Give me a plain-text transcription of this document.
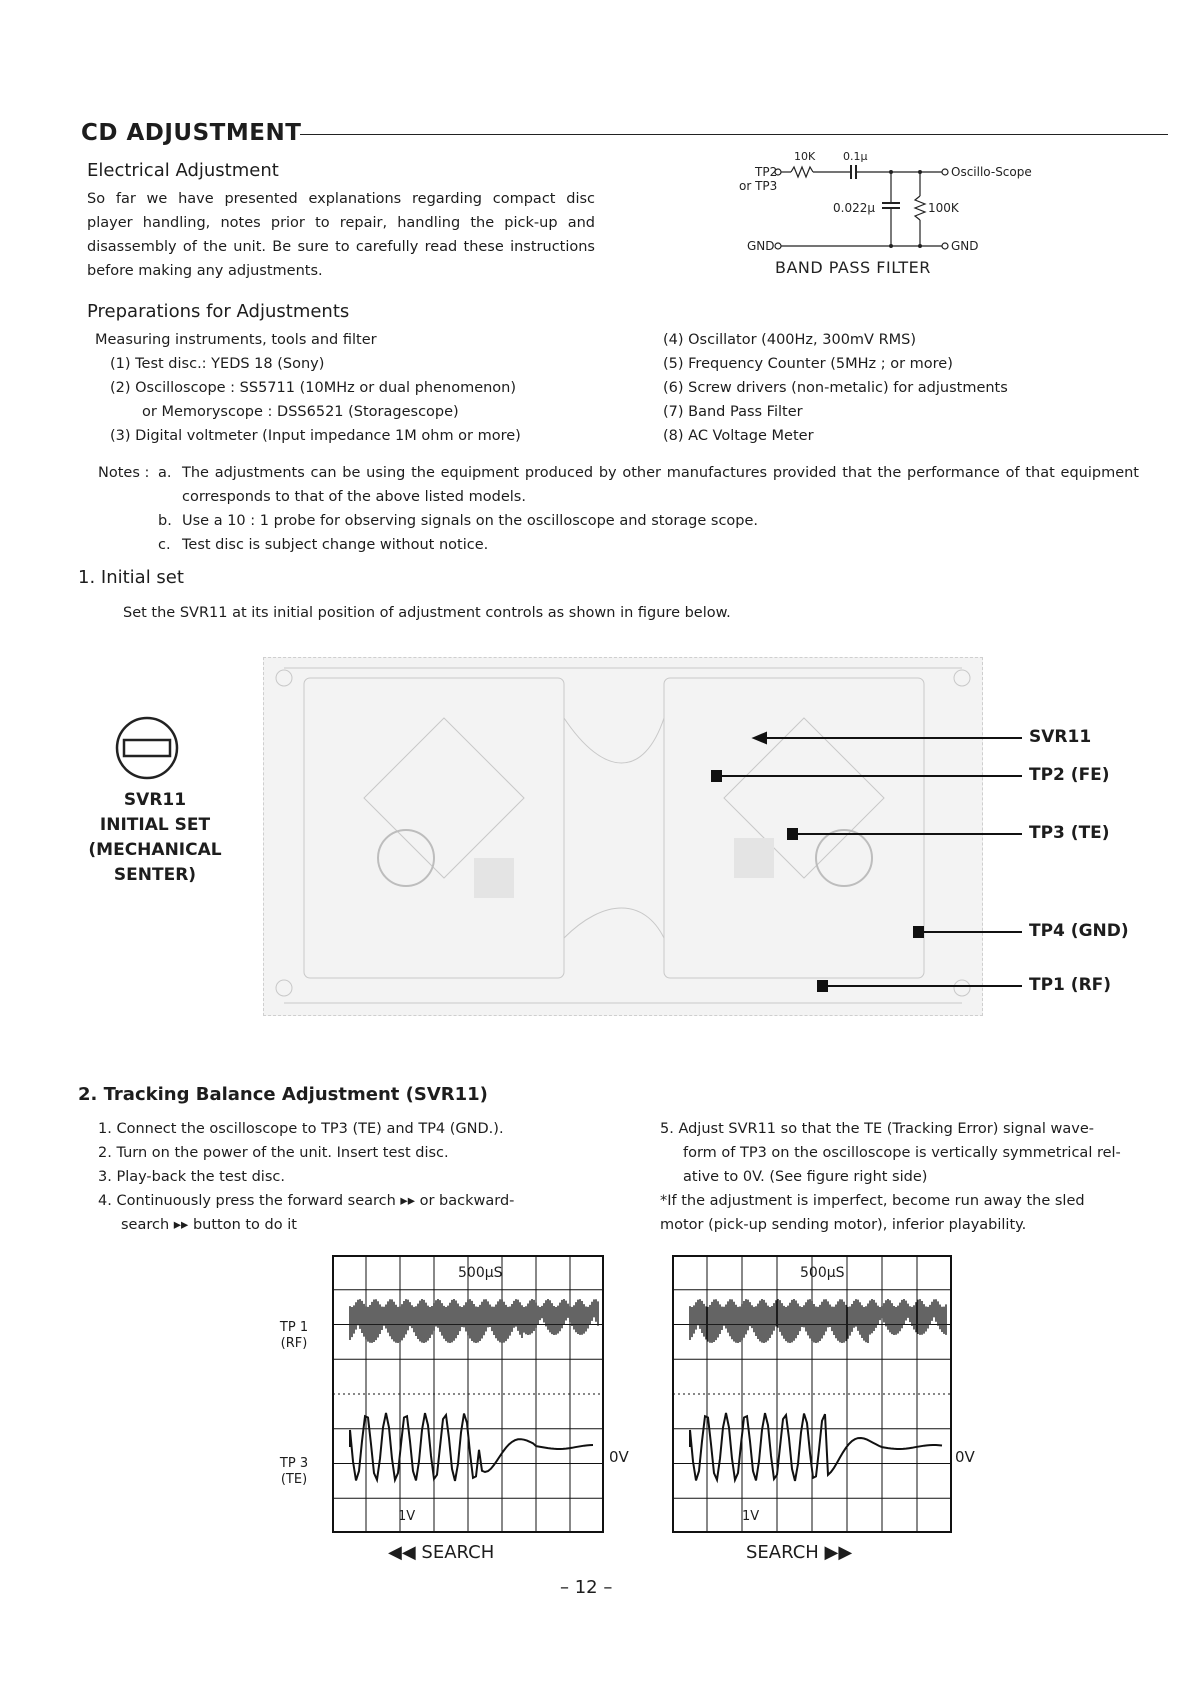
CD ADJUSTMENT
Electrical Adjustment
So far we have presented explanations regarding compact disc player handling, notes prior to repair, handling the pick-up and disassembly of the unit. Be sure to carefully read these instructions before making any adjustments.
TP2
or TP3
10K	0.1μ
0.022μ	100K
Oscillo-Scope
GND	GND
BAND PASS FILTER
Preparations for Adjustments
Measuring instruments, tools and filter
(1) Test disc.: YEDS 18 (Sony)
(2) Oscilloscope : SS5711 (10MHz or dual phenomenon)
or Memoryscope : DSS6521 (Storagescope)
(3) Digital voltmeter (Input impedance 1M ohm or more)
(4) Oscillator (400Hz, 300mV RMS)
(5) Frequency Counter (5MHz ; or more)
(6) Screw drivers (non-metalic) for adjustments
(7) Band Pass Filter
(8) AC Voltage Meter
Notes : a. The adjustments can be using the equipment produced by other manufactures provided that the performance of that equipment corresponds to that of the above listed models.
b. Use a 10 : 1 probe for observing signals on the oscilloscope and storage scope.
c. Test disc is subject change without notice.
1. Initial set
Set the SVR11 at its initial position of adjustment controls as shown in figure below.
SVR11
INITIAL SET
(MECHANICAL
SENTER)
SVR11
TP2 (FE)
TP3 (TE)
TP4 (GND)
TP1 (RF)
2. Tracking Balance Adjustment (SVR11)
1. Connect the oscilloscope to TP3 (TE) and TP4 (GND.).
2. Turn on the power of the unit. Insert test disc.
3. Play-back the test disc.
4. Continuously press the forward search ▸▸ or backward-
search ▸▸ button to do it
5. Adjust SVR11 so that the TE (Tracking Error) signal wave-
form of TP3 on the oscilloscope is vertically symmetrical rel-
ative to 0V. (See figure right side)
*If the adjustment is imperfect, become run away the sled
motor (pick-up sending motor), inferior playability.
TP 1
(RF)
TP 3
(TE)
500μS	500μS
1V	1V
0V	0V
◀◀ SEARCH	SEARCH ▶▶
– 12 –
